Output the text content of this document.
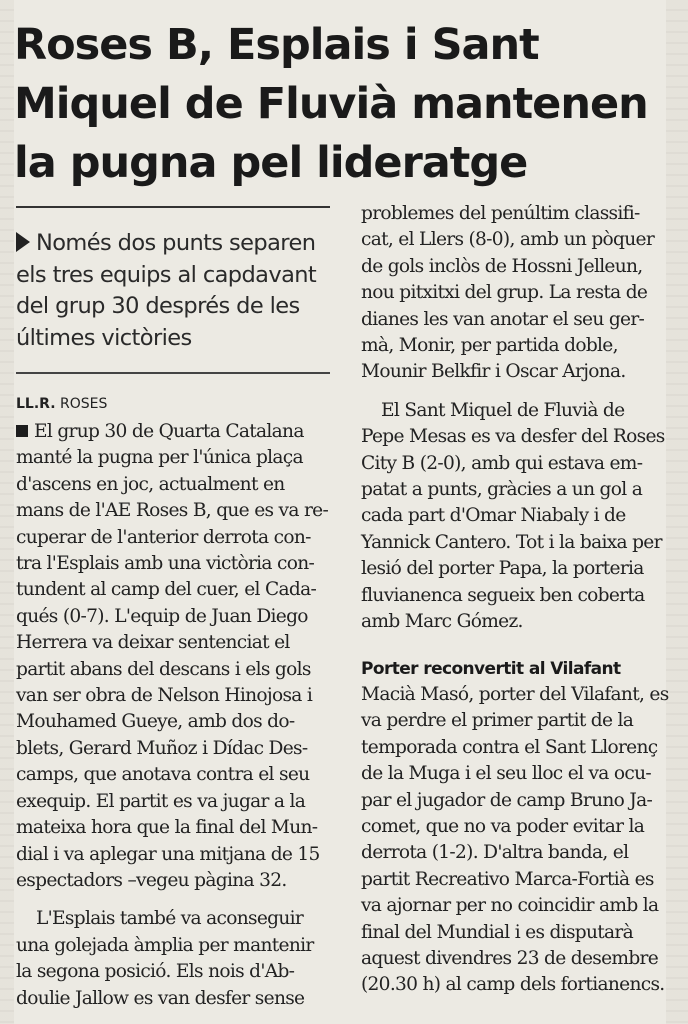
Roses B, Esplais i Sant
Miquel de Fluvià mantenen
la pugna pel lideratge
Només dos punts separen
els tres equips al capdavant
del grup 30 després de les
últimes victòries
LL.R. ROSES
El grup 30 de Quarta Catalana
manté la pugna per l'única plaça
d'ascens en joc, actualment en
mans de l'AE Roses B, que es va re-
cuperar de l'anterior derrota con-
tra l'Esplais amb una victòria con-
tundent al camp del cuer, el Cada-
qués (0-7). L'equip de Juan Diego
Herrera va deixar sentenciat el
partit abans del descans i els gols
van ser obra de Nelson Hinojosa i
Mouhamed Gueye, amb dos do-
blets, Gerard Muñoz i Dídac Des-
camps, que anotava contra el seu
exequip. El partit es va jugar a la
mateixa hora que la final del Mun-
dial i va aplegar una mitjana de 15
espectadors –vegeu pàgina 32.
L'Esplais també va aconseguir
una golejada àmplia per mantenir
la segona posició. Els nois d'Ab-
doulie Jallow es van desfer sense
problemes del penúltim classifi-
cat, el Llers (8-0), amb un pòquer
de gols inclòs de Hossni Jelleun,
nou pitxitxi del grup. La resta de
dianes les van anotar el seu ger-
mà, Monir, per partida doble,
Mounir Belkfir i Oscar Arjona.
El Sant Miquel de Fluvià de
Pepe Mesas es va desfer del Roses
City B (2-0), amb qui estava em-
patat a punts, gràcies a un gol a
cada part d'Omar Niabaly i de
Yannick Cantero. Tot i la baixa per
lesió del porter Papa, la porteria
fluvianenca segueix ben coberta
amb Marc Gómez.
Porter reconvertit al Vilafant
Macià Masó, porter del Vilafant, es
va perdre el primer partit de la
temporada contra el Sant Llorenç
de la Muga i el seu lloc el va ocu-
par el jugador de camp Bruno Ja-
comet, que no va poder evitar la
derrota (1-2). D'altra banda, el
partit Recreativo Marca-Fortià es
va ajornar per no coincidir amb la
final del Mundial i es disputarà
aquest divendres 23 de desembre
(20.30 h) al camp dels fortianencs.
